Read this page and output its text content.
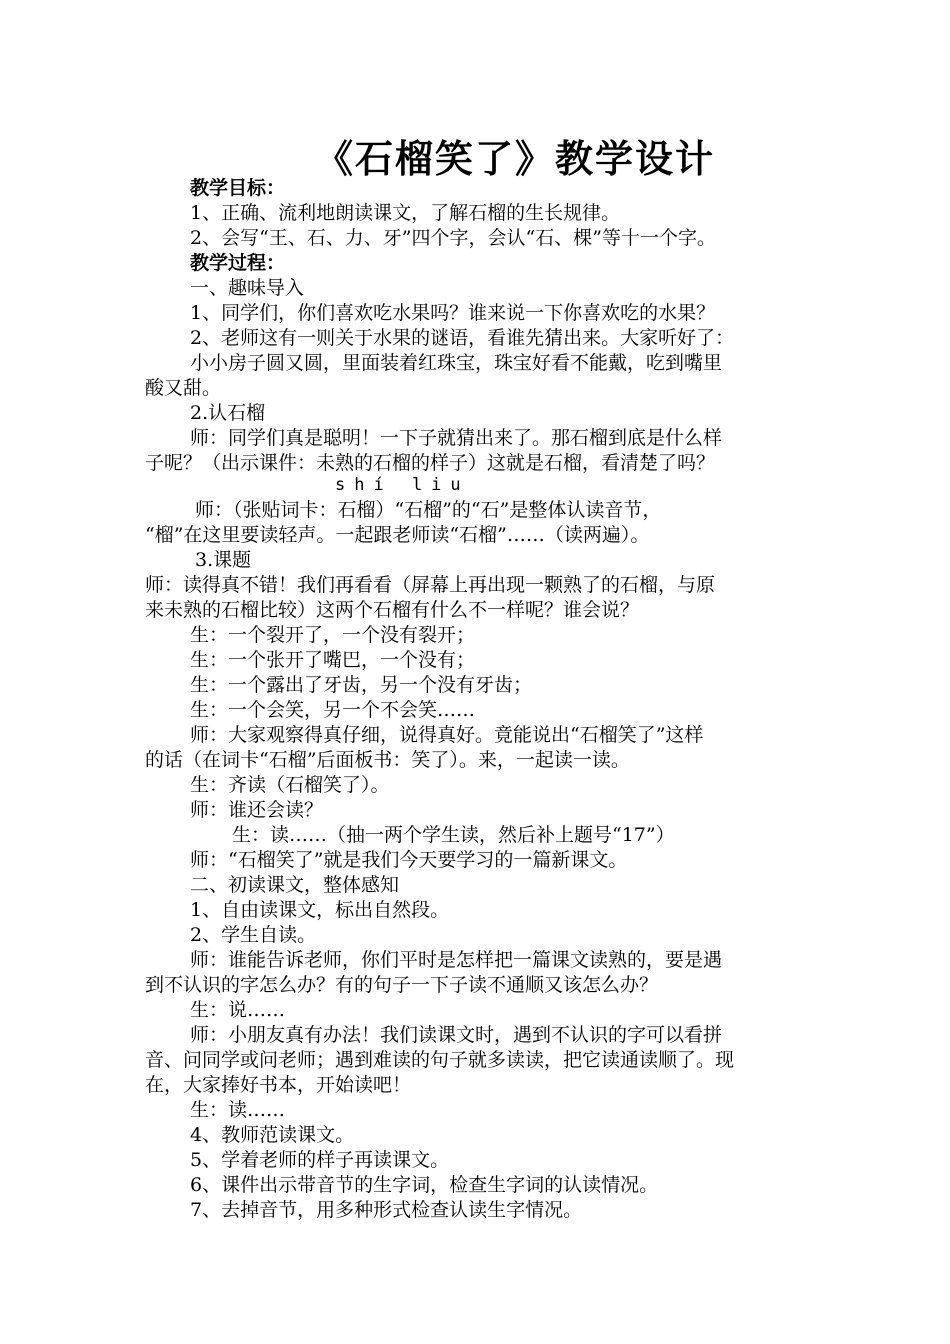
《石榴笑了》教学设计
教学目标：
1、正确、流利地朗读课文，了解石榴的生长规律。
2、会写“王、石、力、牙”四个字，会认“石、棵”等十一个字。
教学过程：
一、趣味导入
1、同学们，你们喜欢吃水果吗？谁来说一下你喜欢吃的水果？
2、老师这有一则关于水果的谜语，看谁先猜出来。大家听好了：
小小房子圆又圆，里面装着红珠宝，珠宝好看不能戴，吃到嘴里
酸又甜。
2.认石榴
师：同学们真是聪明！一下子就猜出来了。那石榴到底是什么样
子呢？（出示课件：未熟的石榴的样子）这就是石榴，看清楚了吗？
shí liu
师：（张贴词卡：石榴）“石榴”的“石”是整体认读音节，
“榴”在这里要读轻声。一起跟老师读“石榴”……（读两遍）。
3.课题
师：读得真不错！我们再看看（屏幕上再出现一颗熟了的石榴，与原
来未熟的石榴比较）这两个石榴有什么不一样呢？谁会说？
生：一个裂开了，一个没有裂开；
生：一个张开了嘴巴，一个没有；
生：一个露出了牙齿，另一个没有牙齿；
生：一个会笑，另一个不会笑……
师：大家观察得真仔细，说得真好。竟能说出“石榴笑了”这样
的话（在词卡“石榴”后面板书：笑了）。来，一起读一读。
生：齐读（石榴笑了）。
师：谁还会读？
生：读……（抽一两个学生读，然后补上题号“17”）
师：“石榴笑了”就是我们今天要学习的一篇新课文。
二、初读课文，整体感知
1、自由读课文，标出自然段。
2、学生自读。
师：谁能告诉老师，你们平时是怎样把一篇课文读熟的，要是遇
到不认识的字怎么办？有的句子一下子读不通顺又该怎么办？
生：说……
师：小朋友真有办法！我们读课文时，遇到不认识的字可以看拼
音、问同学或问老师；遇到难读的句子就多读读，把它读通读顺了。现
在，大家捧好书本，开始读吧！
生：读……
4、教师范读课文。
5、学着老师的样子再读课文。
6、课件出示带音节的生字词，检查生字词的认读情况。
7、去掉音节，用多种形式检查认读生字情况。
